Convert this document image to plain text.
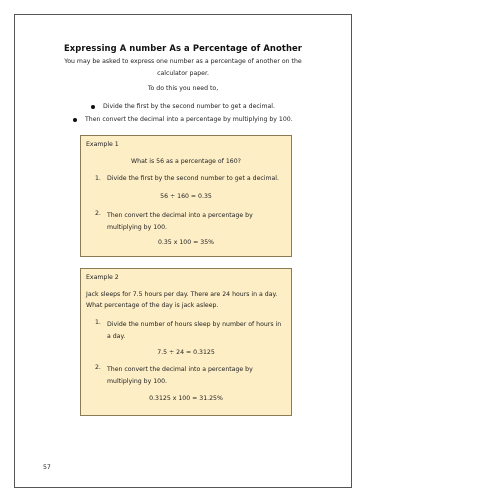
Expressing A number As a Percentage of Another
You may be asked to express one number as a percentage of another on the calculator paper.
To do this you need to,
Divide the first by the second number to get a decimal.
Then convert the decimal into a percentage by multiplying by 100.
Example 1
What is 56 as a percentage of 160?
1. Divide the first by the second number to get a decimal.
56 ÷ 160 = 0.35
2. Then convert the decimal into a percentage by multiplying by 100.
0.35 x 100 = 35%
Example 2
Jack sleeps for 7.5 hours per day. There are 24 hours in a day. What percentage of the day is jack asleep.
1. Divide the number of hours sleep by number of hours in a day.
7.5 ÷ 24 = 0.3125
2. Then convert the decimal into a percentage by multiplying by 100.
0.3125 x 100 = 31.25%
57
